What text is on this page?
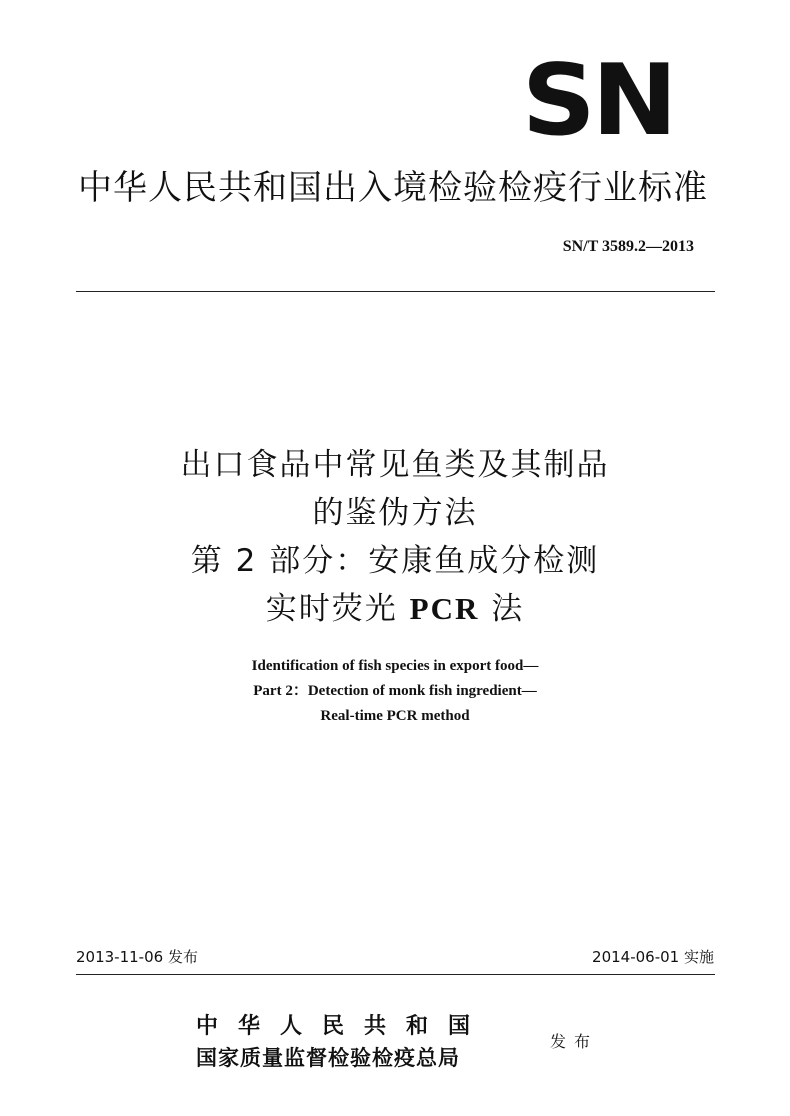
SN
中华人民共和国出入境检验检疫行业标准
SN/T 3589.2—2013
出口食品中常见鱼类及其制品
的鉴伪方法
第 2 部分：安康鱼成分检测
实时荧光 PCR 法
Identification of fish species in export food—
Part 2：Detection of monk fish ingredient—
Real-time PCR method
2013-11-06 发布	2014-06-01 实施
中华人民共和国
国家质量监督检验检疫总局
发布
